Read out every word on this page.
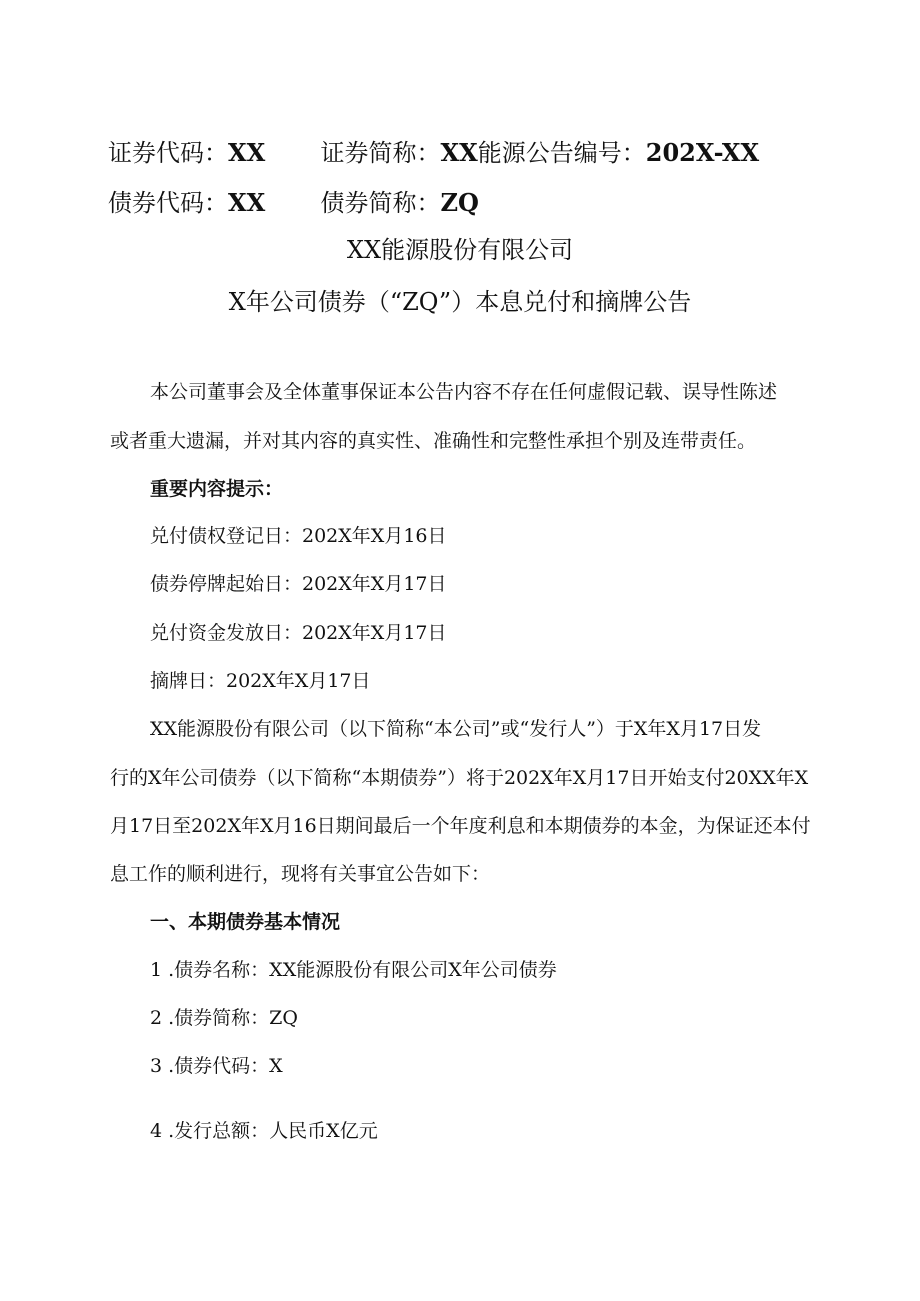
证券代码：XX 证券简称：XX能源公告编号：202X-XX
债券代码：XX 债券简称：ZQ
XX能源股份有限公司
X年公司债券（“ZQ”）本息兑付和摘牌公告
本公司董事会及全体董事保证本公告内容不存在任何虚假记载、误导性陈述
或者重大遗漏，并对其内容的真实性、准确性和完整性承担个别及连带责任。
重要内容提示：
兑付债权登记日：202X年X月16日
债券停牌起始日：202X年X月17日
兑付资金发放日：202X年X月17日
摘牌日：202X年X月17日
XX能源股份有限公司（以下简称“本公司”或“发行人”）于X年X月17日发
行的X年公司债券（以下简称“本期债券”）将于202X年X月17日开始支付20XX年X
月17日至202X年X月16日期间最后一个年度利息和本期债券的本金，为保证还本付
息工作的顺利进行，现将有关事宜公告如下：
一、本期债券基本情况
1 .债券名称：XX能源股份有限公司X年公司债券
2 .债券简称：ZQ
3 .债券代码：X
4 .发行总额：人民币X亿元
